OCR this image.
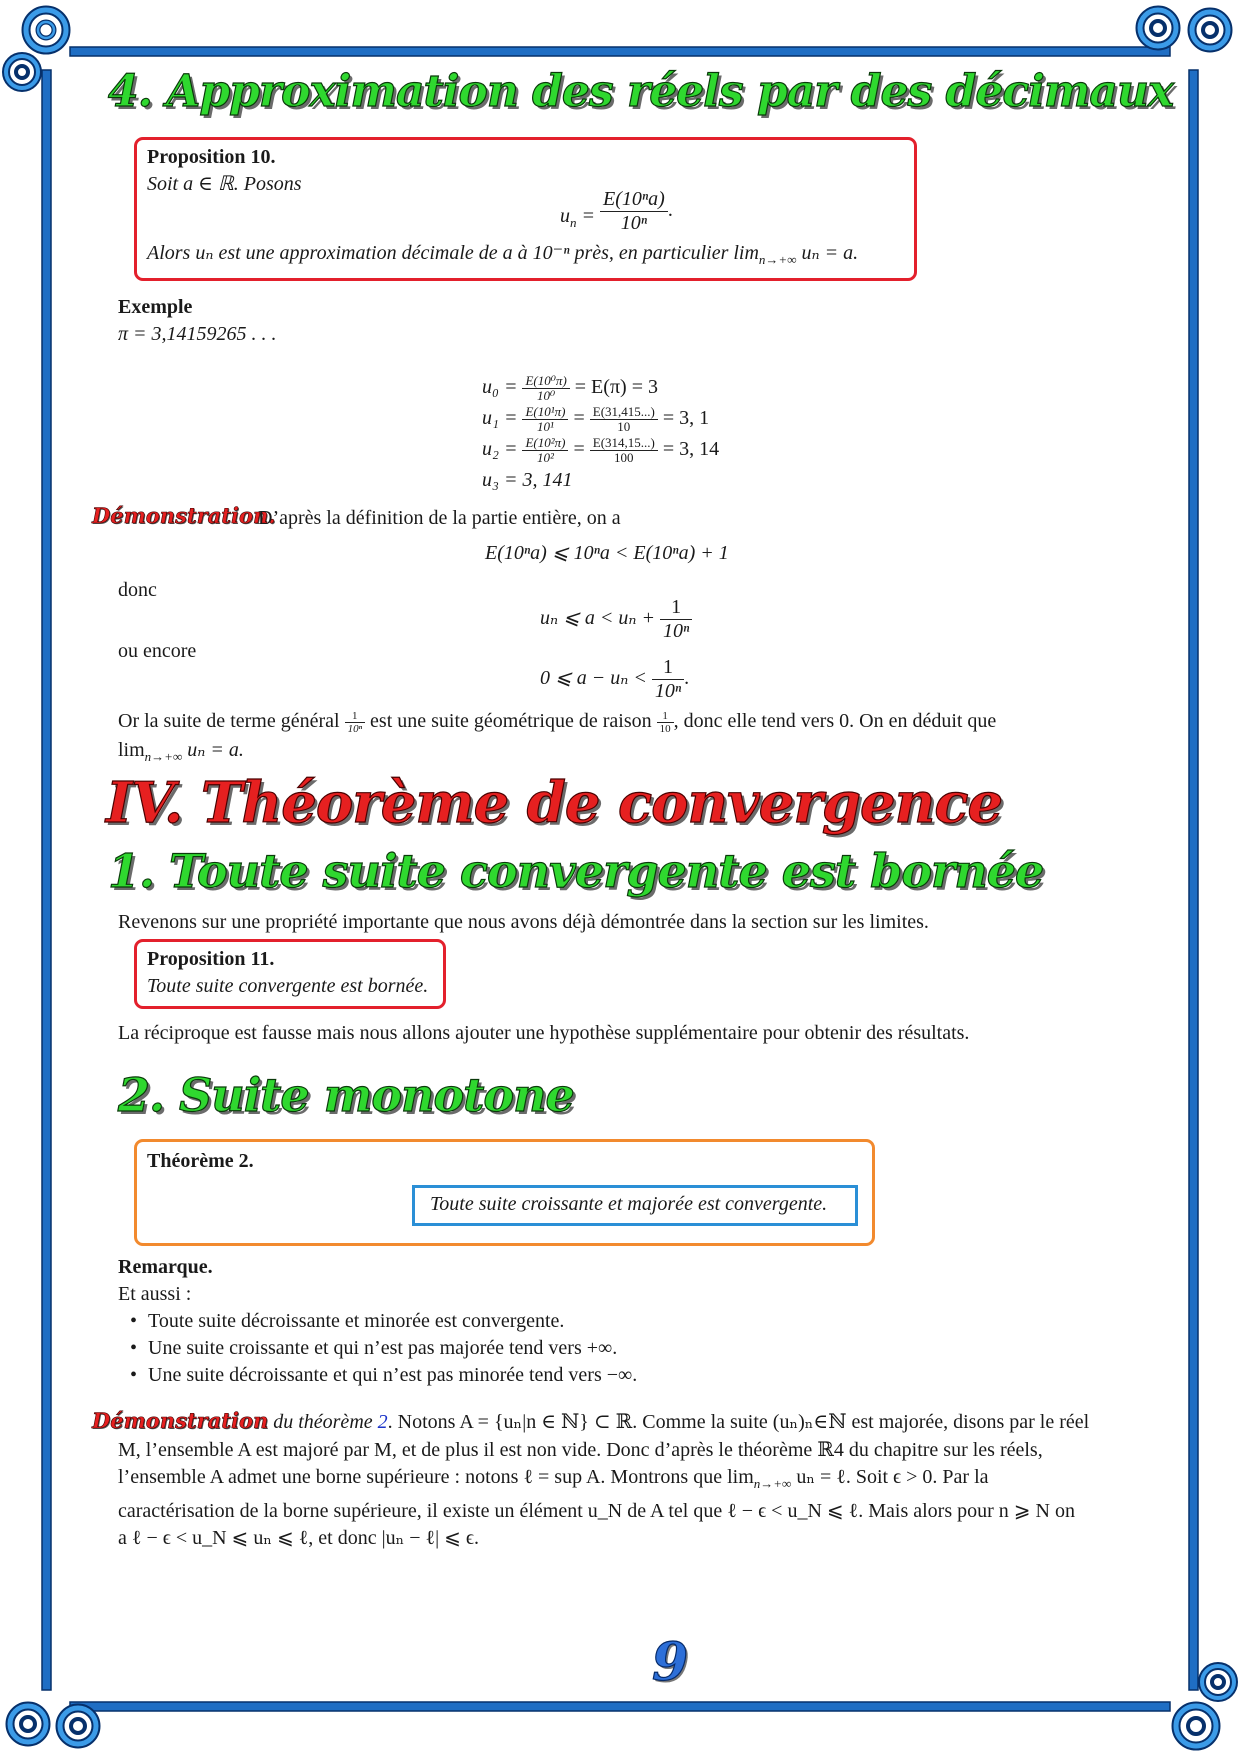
4. Approximation des réels par des décimaux
Proposition 10.
Soit a ∈ ℝ. Posons
$u_n = \frac{\text{E(10ⁿa)}}{\text{10ⁿ}}$ .
Alors uₙ est une approximation décimale de a à 10⁻ⁿ près, en particulier $\lim_{n\to+\infty} u_n = a$.
Exemple
π = 3,14159265 . . .
$u_0 = \frac{\text{E(10⁰π)}}{\text{10⁰}} = E(\pi) = 3$
$u_1 = \frac{\text{E(10¹π)}}{\text{10¹}} = \frac{E(31,415...)}{10} = 3$, 1
$u_2 = \frac{\text{E(10²π)}}{\text{10²}} = \frac{E(314,15...)}{100} = 3$, 14
u₃ = 3, 141
Démonstration.
D’après la définition de la partie entière, on a
E(10ⁿa) ⩽ 10ⁿa < E(10ⁿa) + 1
donc
uₙ ⩽ $a < u_n + \frac{1}{\text{10ⁿ}}$
ou encore
0 ⩽ $a - u_n < \frac{1}{\text{10ⁿ}}$ .
Or la suite de terme général $\frac{1}{\text{10ⁿ}}$ est une suite géométrique de raison $\frac{1}{10}$ , donc elle tend vers 0. On en déduit que
$\lim_{n\to+\infty} u_n = a$.
IV. Théorème de convergence
1. Toute suite convergente est bornée
Revenons sur une propriété importante que nous avons déjà démontrée dans la section sur les limites.
Proposition 11.
Toute suite convergente est bornée.
La réciproque est fausse mais nous allons ajouter une hypothèse supplémentaire pour obtenir des résultats.
2. Suite monotone
Théorème 2.
Toute suite croissante et majorée est convergente.
Remarque.
Et aussi :
• Toute suite décroissante et minorée est convergente.
• Une suite croissante et qui n’est pas majorée tend vers +∞.
• Une suite décroissante et qui n’est pas minorée tend vers −∞.
Démonstration du théorème 2. Notons A = {uₙ|n ∈ ℕ} ⊂ ℝ. Comme la suite (uₙ)ₙ∈ℕ est majorée, disons par le réel
M, l’ensemble A est majoré par M, et de plus il est non vide. Donc d’après le théorème ℝ4 du chapitre sur les réels,
l’ensemble A admet une borne supérieure : notons ℓ = sup A. Montrons que $\lim_{n\to+\infty} u_n$ = ℓ. Soit ϵ > 0. Par la
caractérisation de la borne supérieure, il existe un élément u_N de A tel que ℓ − ϵ < u_N ⩽ ℓ. Mais alors pour n ⩾ N on
a ℓ − ϵ < u_N ⩽ uₙ ⩽ ℓ, et donc |uₙ − ℓ| ⩽ ϵ.
9
